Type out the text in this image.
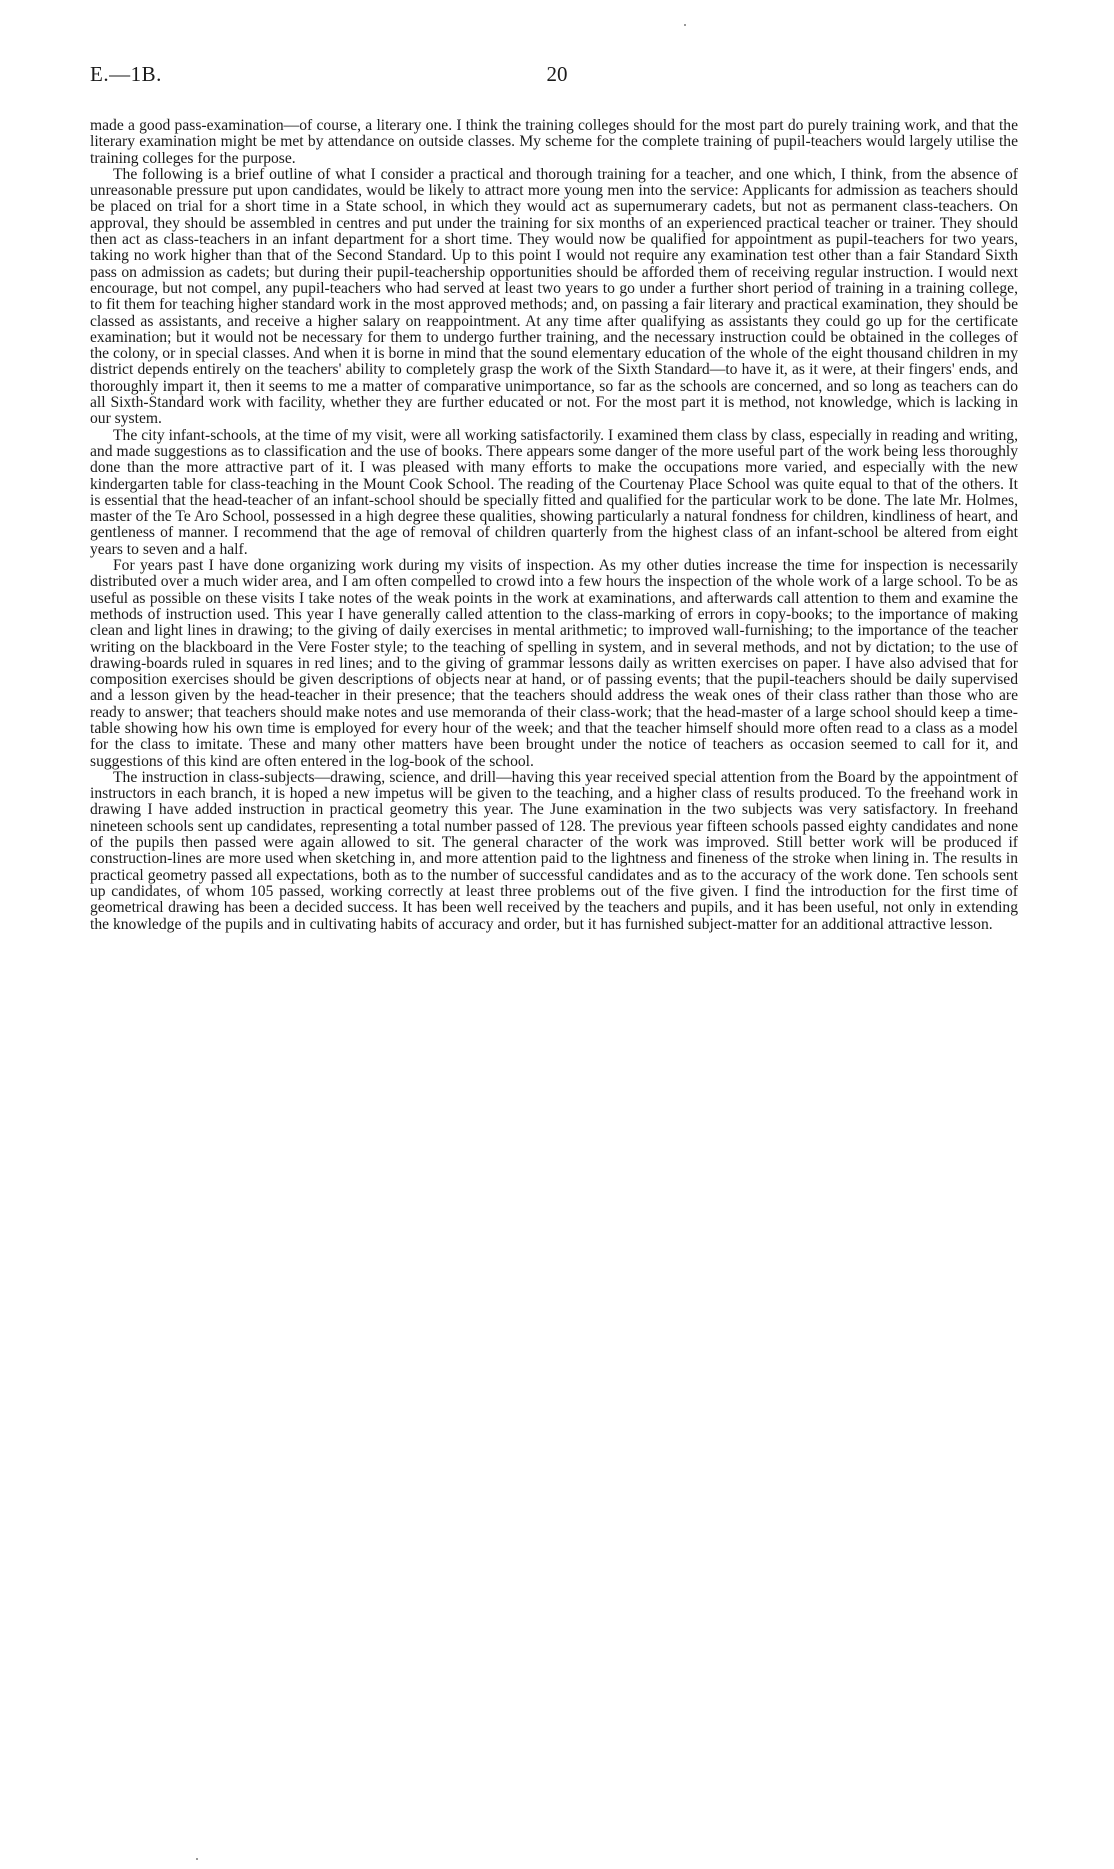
E.—1B.	20

made a good pass-examination—of course, a literary one. I think the training colleges should for the most part do purely training work, and that the literary examination might be met by attendance on outside classes. My scheme for the complete training of pupil-teachers would largely utilise the training colleges for the purpose.

The following is a brief outline of what I consider a practical and thorough training for a teacher, and one which, I think, from the absence of unreasonable pressure put upon candidates, would be likely to attract more young men into the service: Applicants for admission as teachers should be placed on trial for a short time in a State school, in which they would act as supernumerary cadets, but not as permanent class-teachers. On approval, they should be assembled in centres and put under the training for six months of an experienced practical teacher or trainer. They should then act as class-teachers in an infant department for a short time. They would now be qualified for appointment as pupil-teachers for two years, taking no work higher than that of the Second Standard. Up to this point I would not require any examination test other than a fair Standard Sixth pass on admission as cadets; but during their pupil-teachership opportunities should be afforded them of receiving regular instruction. I would next encourage, but not compel, any pupil-teachers who had served at least two years to go under a further short period of training in a training college, to fit them for teaching higher standard work in the most approved methods; and, on passing a fair literary and practical examination, they should be classed as assistants, and receive a higher salary on reappointment. At any time after qualifying as assistants they could go up for the certificate examination; but it would not be necessary for them to undergo further training, and the necessary instruction could be obtained in the colleges of the colony, or in special classes. And when it is borne in mind that the sound elementary education of the whole of the eight thousand children in my district depends entirely on the teachers' ability to completely grasp the work of the Sixth Standard—to have it, as it were, at their fingers' ends, and thoroughly impart it, then it seems to me a matter of comparative unimportance, so far as the schools are concerned, and so long as teachers can do all Sixth-Standard work with facility, whether they are further educated or not. For the most part it is method, not knowledge, which is lacking in our system.

The city infant-schools, at the time of my visit, were all working satisfactorily. I examined them class by class, especially in reading and writing, and made suggestions as to classification and the use of books. There appears some danger of the more useful part of the work being less thoroughly done than the more attractive part of it. I was pleased with many efforts to make the occupations more varied, and especially with the new kindergarten table for class-teaching in the Mount Cook School. The reading of the Courtenay Place School was quite equal to that of the others. It is essential that the head-teacher of an infant-school should be specially fitted and qualified for the particular work to be done. The late Mr. Holmes, master of the Te Aro School, possessed in a high degree these qualities, showing particularly a natural fondness for children, kindliness of heart, and gentleness of manner. I recommend that the age of removal of children quarterly from the highest class of an infant-school be altered from eight years to seven and a half.

For years past I have done organizing work during my visits of inspection. As my other duties increase the time for inspection is necessarily distributed over a much wider area, and I am often compelled to crowd into a few hours the inspection of the whole work of a large school. To be as useful as possible on these visits I take notes of the weak points in the work at examinations, and afterwards call attention to them and examine the methods of instruction used. This year I have generally called attention to the class-marking of errors in copy-books; to the importance of making clean and light lines in drawing; to the giving of daily exercises in mental arithmetic; to improved wall-furnishing; to the importance of the teacher writing on the blackboard in the Vere Foster style; to the teaching of spelling in system, and in several methods, and not by dictation; to the use of drawing-boards ruled in squares in red lines; and to the giving of grammar lessons daily as written exercises on paper. I have also advised that for composition exercises should be given descriptions of objects near at hand, or of passing events; that the pupil-teachers should be daily supervised and a lesson given by the head-teacher in their presence; that the teachers should address the weak ones of their class rather than those who are ready to answer; that teachers should make notes and use memoranda of their class-work; that the head-master of a large school should keep a time-table showing how his own time is employed for every hour of the week; and that the teacher himself should more often read to a class as a model for the class to imitate. These and many other matters have been brought under the notice of teachers as occasion seemed to call for it, and suggestions of this kind are often entered in the log-book of the school.

The instruction in class-subjects—drawing, science, and drill—having this year received special attention from the Board by the appointment of instructors in each branch, it is hoped a new impetus will be given to the teaching, and a higher class of results produced. To the freehand work in drawing I have added instruction in practical geometry this year. The June examination in the two subjects was very satisfactory. In freehand nineteen schools sent up candidates, representing a total number passed of 128. The previous year fifteen schools passed eighty candidates and none of the pupils then passed were again allowed to sit. The general character of the work was improved. Still better work will be produced if construction-lines are more used when sketching in, and more attention paid to the lightness and fineness of the stroke when lining in. The results in practical geometry passed all expectations, both as to the number of successful candidates and as to the accuracy of the work done. Ten schools sent up candidates, of whom 105 passed, working correctly at least three problems out of the five given. I find the introduction for the first time of geometrical drawing has been a decided success. It has been well received by the teachers and pupils, and it has been useful, not only in extending the knowledge of the pupils and in cultivating habits of accuracy and order, but it has furnished subject-matter for an additional attractive lesson.
